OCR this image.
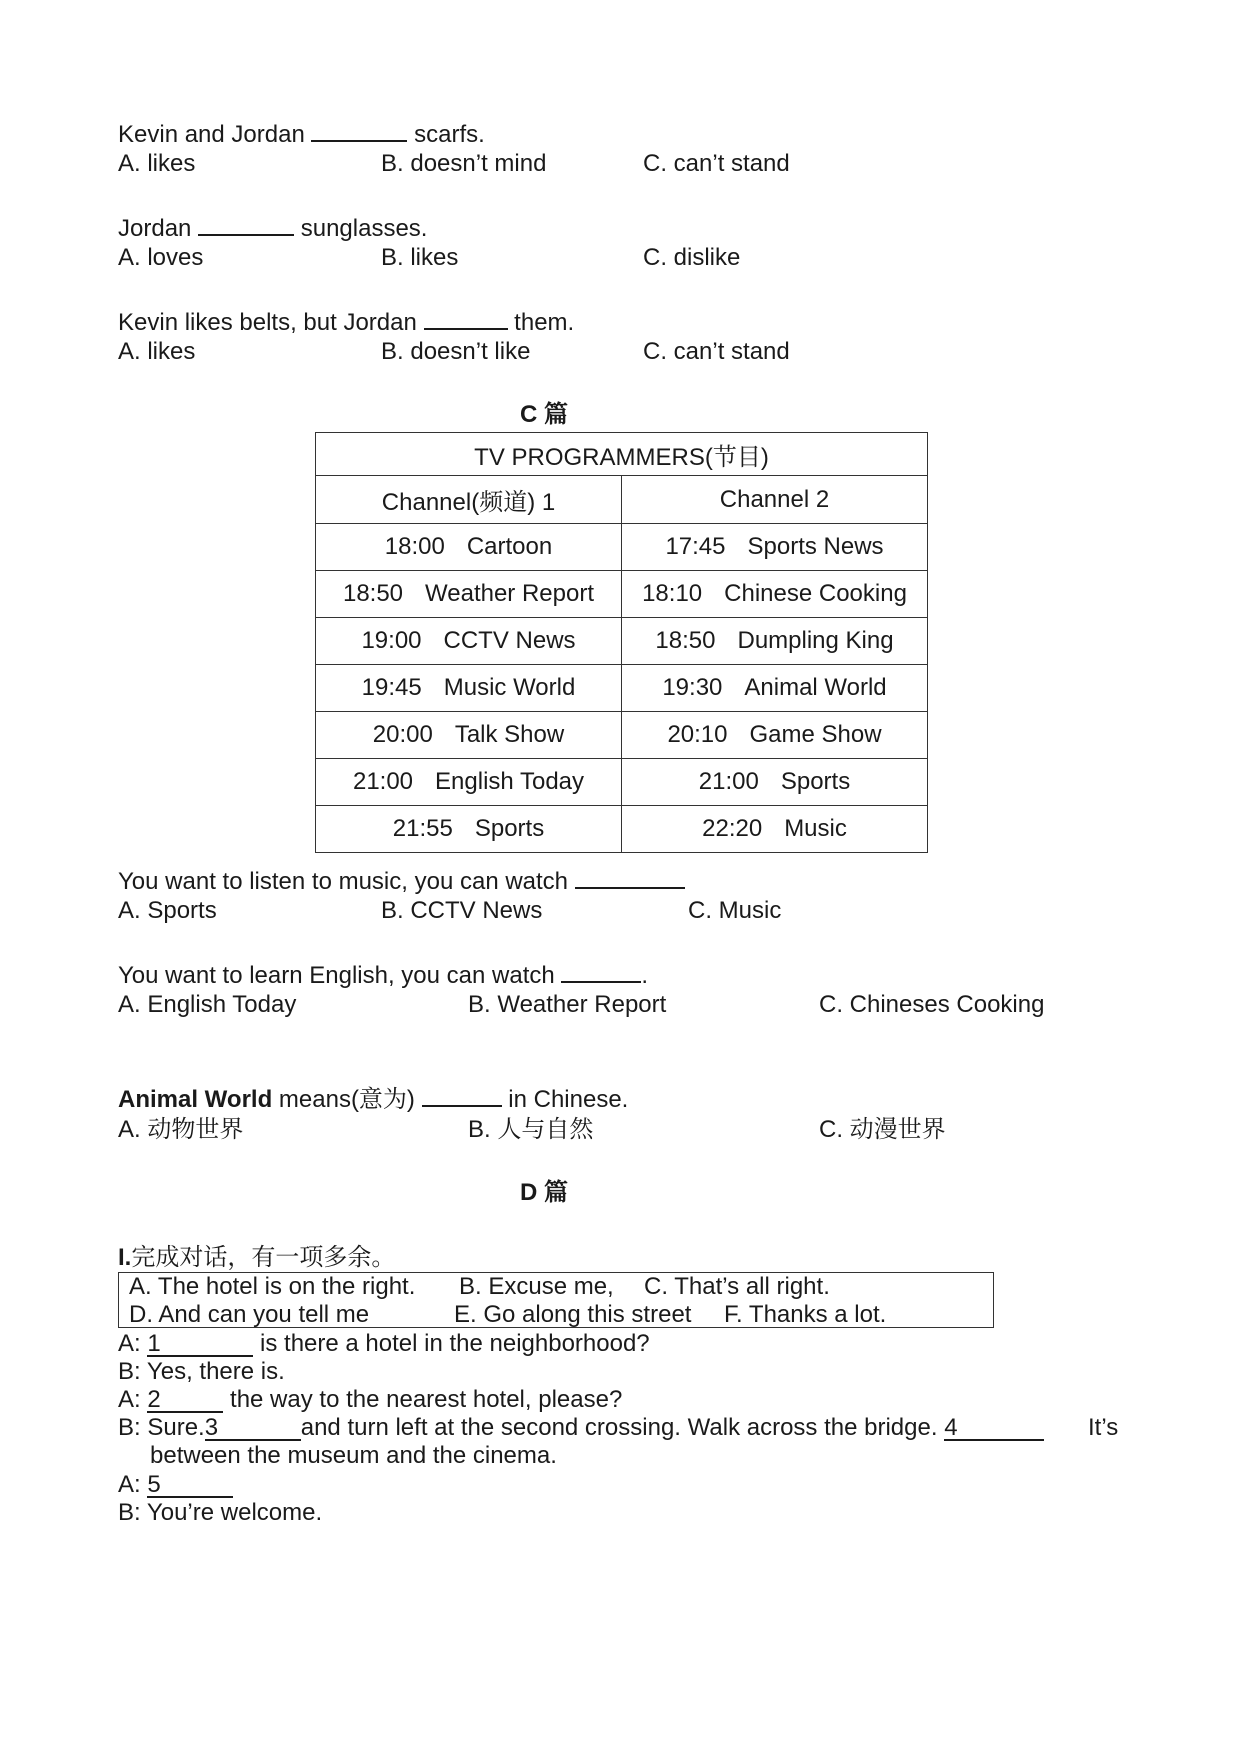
Kevin and Jordan	scarfs.
A. likes	B. doesn’t mind	C. can’t stand
Jordan	sunglasses.
A. loves	B. likes	C. dislike
Kevin likes belts, but Jordan	them.
A. likes	B. doesn’t like	C. can’t stand
C 篇
TV PROGRAMMERS(节目)	
Channel(频道) 1	Channel 2
18:00 Cartoon	17:45 Sports News
18:50 Weather Report	18:10 Chinese Cooking
19:00 CCTV News	18:50 Dumpling King
19:45 Music World	19:30 Animal World
20:00 Talk Show	20:10 Game Show
21:00 English Today	21:00 Sports
21:55 Sports	22:20 Music
You want to listen to music, you can watch
A. Sports	B. CCTV News	C. Music
You want to learn English, you can watch	.
A. English Today	B. Weather Report	C. Chineses Cooking
Animal World means(意为)	in Chinese.
A. 动物世界	B. 人与自然	C. 动漫世界
D 篇
I.完成对话，有一项多余。
A. The hotel is on the right. B. Excuse me, C. That’s all right.
D. And can you tell me	E. Go along this street F. Thanks a lot.
A: 1	is there a hotel in the neighborhood?
B: Yes, there is.
A: 2	the way to the nearest hotel, please?
B: Sure.3	and turn left at the second crossing. Walk across the bridge. 4	It’s
between the museum and the cinema.
A: 5
B: You’re welcome.
